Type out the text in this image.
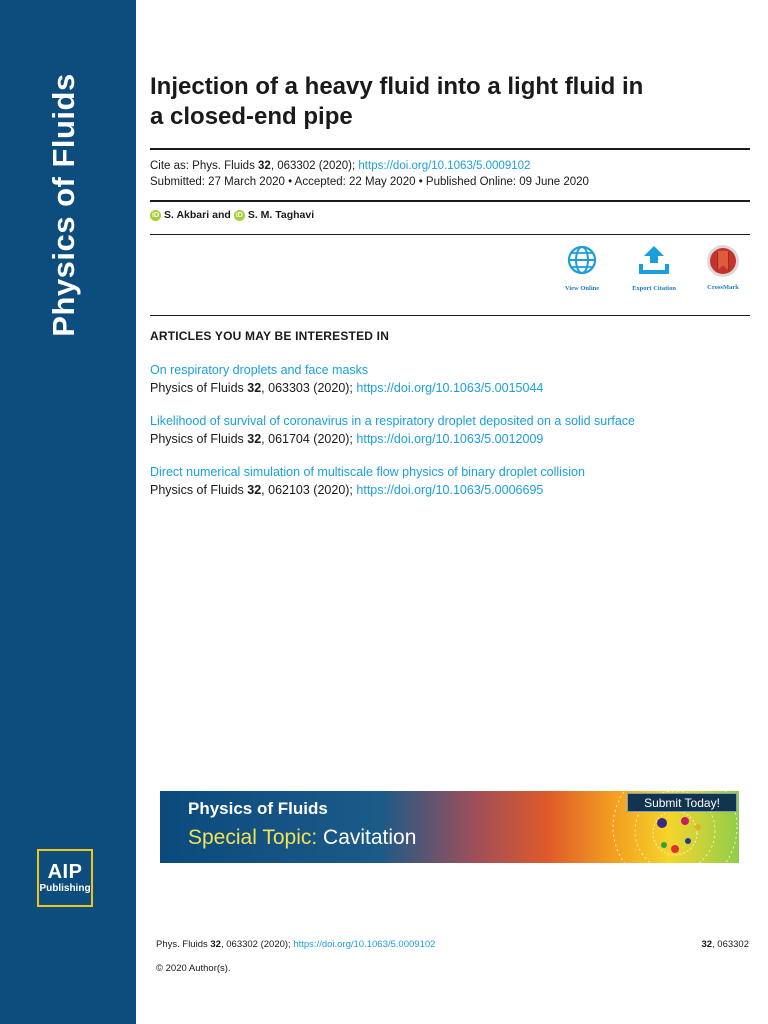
Physics of Fluids
AIP
Publishing
Injection of a heavy fluid into a light fluid in
a closed-end pipe
Cite as: Phys. Fluids 32, 063302 (2020); https://doi.org/10.1063/5.0009102
Submitted: 27 March 2020 • Accepted: 22 May 2020 • Published Online: 09 June 2020
iD S. Akbari and iD S. M. Taghavi
View Online	Export Citation	CrossMark
ARTICLES YOU MAY BE INTERESTED IN
On respiratory droplets and face masks
Physics of Fluids 32, 063303 (2020); https://doi.org/10.1063/5.0015044
Likelihood of survival of coronavirus in a respiratory droplet deposited on a solid surface
Physics of Fluids 32, 061704 (2020); https://doi.org/10.1063/5.0012009
Direct numerical simulation of multiscale flow physics of binary droplet collision
Physics of Fluids 32, 062103 (2020); https://doi.org/10.1063/5.0006695
Physics of Fluids
Special Topic: Cavitation
Submit Today!
Phys. Fluids 32, 063302 (2020); https://doi.org/10.1063/5.0009102	32, 063302
© 2020 Author(s).
